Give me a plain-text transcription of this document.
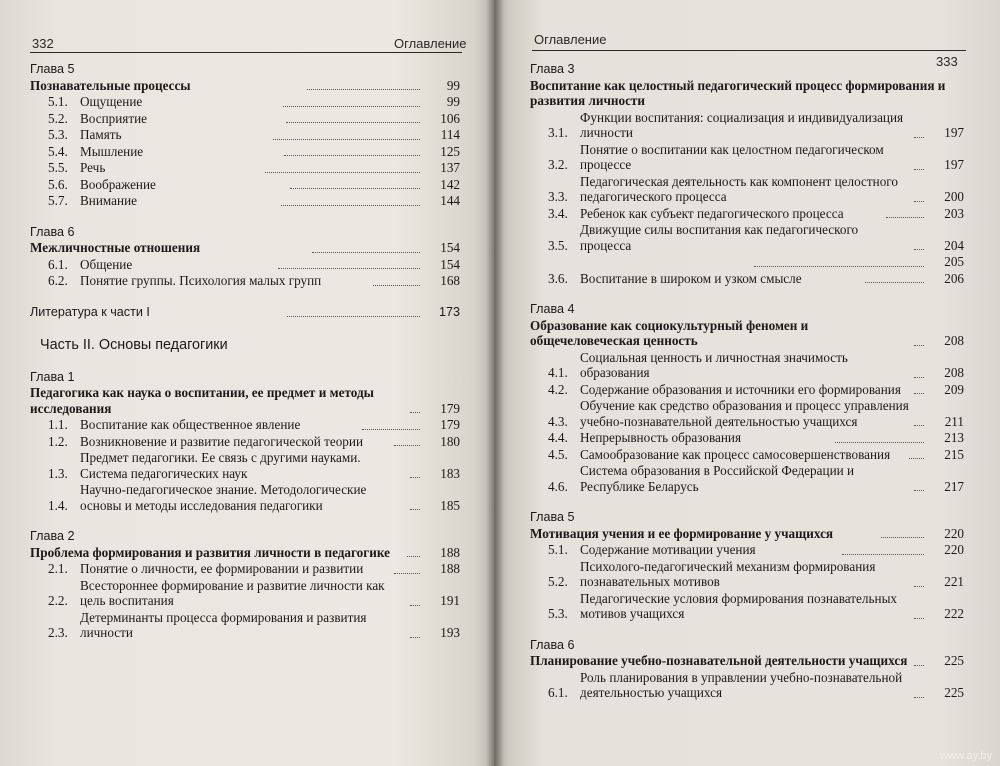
332	Оглавление
Глава 5
Познавательные процессы	99
5.1. Ощущение	99
5.2. Восприятие	106
5.3. Память	114
5.4. Мышление	125
5.5. Речь	137
5.6. Воображение	142
5.7. Внимание	144
Глава 6
Межличностные отношения	154
6.1. Общение	154
6.2. Понятие группы. Психология малых групп	168
Литература к части I	173
Часть II. Основы педагогики
Глава 1
Педагогика как наука о воспитании, ее предмет и методы исследования	179
1.1. Воспитание как общественное явление	179
1.2. Возникновение и развитие педагогической теории	180
1.3.
Предмет педагогики. Ее связь с другими науками. Система педагогических наук	183
1.4.
Научно-педагогическое знание. Методологические основы и методы исследования педагогики	185
Глава 2
Проблема формирования и развития личности в педагогике	188
2.1. Понятие о личности, ее формировании и развитии	188
2.2.
Всестороннее формирование и развитие личности как цель воспитания	191
2.3.
Детерминанты процесса формирования и развития личности	193
Оглавление
333
Глава 3
Воспитание как целостный педагогический процесс формирования и развития личности
3.1.
Функции воспитания: социализация и индивидуализация личности	197
3.2.
Понятие о воспитании как целостном педагогическом процессе	197
3.3.
Педагогическая деятельность как компонент целостного педагогического процесса	200
3.4. Ребенок как субъект педагогического процесса	203
3.5.
Движущие силы воспитания как педагогического процесса	204
205
3.6. Воспитание в широком и узком смысле	206
Глава 4
Образование как социокультурный феномен и общечеловеческая ценность	208
4.1.
Социальная ценность и личностная значимость образования	208
4.2. Содержание образования и источники его формирования	209
4.3.
Обучение как средство образования и процесс управления учебно-познавательной деятельностью учащихся	211
4.4. Непрерывность образования	213
4.5. Самообразование как процесс самосовершенствования	215
4.6.
Система образования в Российской Федерации и Республике Беларусь	217
Глава 5
Мотивация учения и ее формирование у учащихся	220
5.1. Содержание мотивации учения	220
5.2.
Психолого-педагогический механизм формирования познавательных мотивов	221
5.3.
Педагогические условия формирования познавательных мотивов учащихся	222
Глава 6
Планирование учебно-познавательной деятельности учащихся	225
6.1.
Роль планирования в управлении учебно-познавательной деятельностью учащихся	225
www.ay.by
